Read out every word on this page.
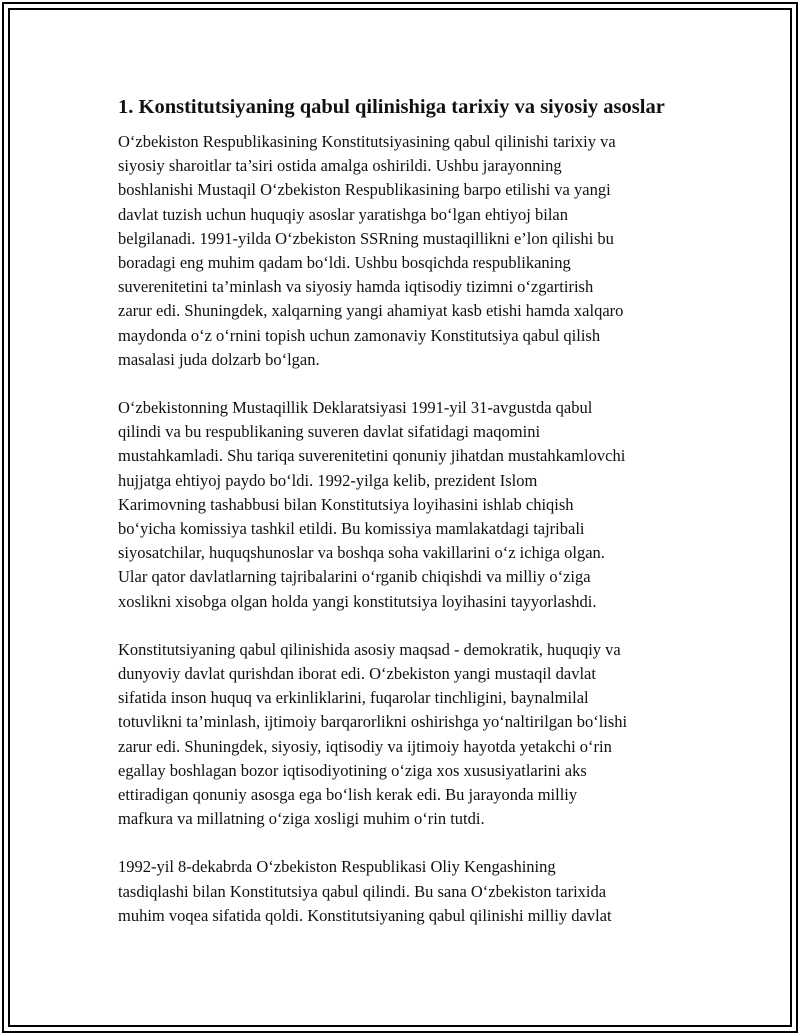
1. Konstitutsiyaning qabul qilinishiga tarixiy va siyosiy asoslar

O‘zbekiston Respublikasining Konstitutsiyasining qabul qilinishi tarixiy va
siyosiy sharoitlar ta’siri ostida amalga oshirildi. Ushbu jarayonning
boshlanishi Mustaqil O‘zbekiston Respublikasining barpo etilishi va yangi
davlat tuzish uchun huquqiy asoslar yaratishga bo‘lgan ehtiyoj bilan
belgilanadi. 1991-yilda O‘zbekiston SSRning mustaqillikni e’lon qilishi bu
boradagi eng muhim qadam bo‘ldi. Ushbu bosqichda respublikaning
suverenitetini ta’minlash va siyosiy hamda iqtisodiy tizimni o‘zgartirish
zarur edi. Shuningdek, xalqarning yangi ahamiyat kasb etishi hamda xalqaro
maydonda o‘z o‘rnini topish uchun zamonaviy Konstitutsiya qabul qilish
masalasi juda dolzarb bo‘lgan.

O‘zbekistonning Mustaqillik Deklaratsiyasi 1991-yil 31-avgustda qabul
qilindi va bu respublikaning suveren davlat sifatidagi maqomini
mustahkamladi. Shu tariqa suverenitetini qonuniy jihatdan mustahkamlovchi
hujjatga ehtiyoj paydo bo‘ldi. 1992-yilga kelib, prezident Islom
Karimovning tashabbusi bilan Konstitutsiya loyihasini ishlab chiqish
bo‘yicha komissiya tashkil etildi. Bu komissiya mamlakatdagi tajribali
siyosatchilar, huquqshunoslar va boshqa soha vakillarini o‘z ichiga olgan.
Ular qator davlatlarning tajribalarini o‘rganib chiqishdi va milliy o‘ziga
xoslikni xisobga olgan holda yangi konstitutsiya loyihasini tayyorlashdi.

Konstitutsiyaning qabul qilinishida asosiy maqsad - demokratik, huquqiy va
dunyoviy davlat qurishdan iborat edi. O‘zbekiston yangi mustaqil davlat
sifatida inson huquq va erkinliklarini, fuqarolar tinchligini, baynalmilal
totuvlikni ta’minlash, ijtimoiy barqarorlikni oshirishga yo‘naltirilgan bo‘lishi
zarur edi. Shuningdek, siyosiy, iqtisodiy va ijtimoiy hayotda yetakchi o‘rin
egallay boshlagan bozor iqtisodiyotining o‘ziga xos xususiyatlarini aks
ettiradigan qonuniy asosga ega bo‘lish kerak edi. Bu jarayonda milliy
mafkura va millatning o‘ziga xosligi muhim o‘rin tutdi.

1992-yil 8-dekabrda O‘zbekiston Respublikasi Oliy Kengashining
tasdiqlashi bilan Konstitutsiya qabul qilindi. Bu sana O‘zbekiston tarixida
muhim voqea sifatida qoldi. Konstitutsiyaning qabul qilinishi milliy davlat
